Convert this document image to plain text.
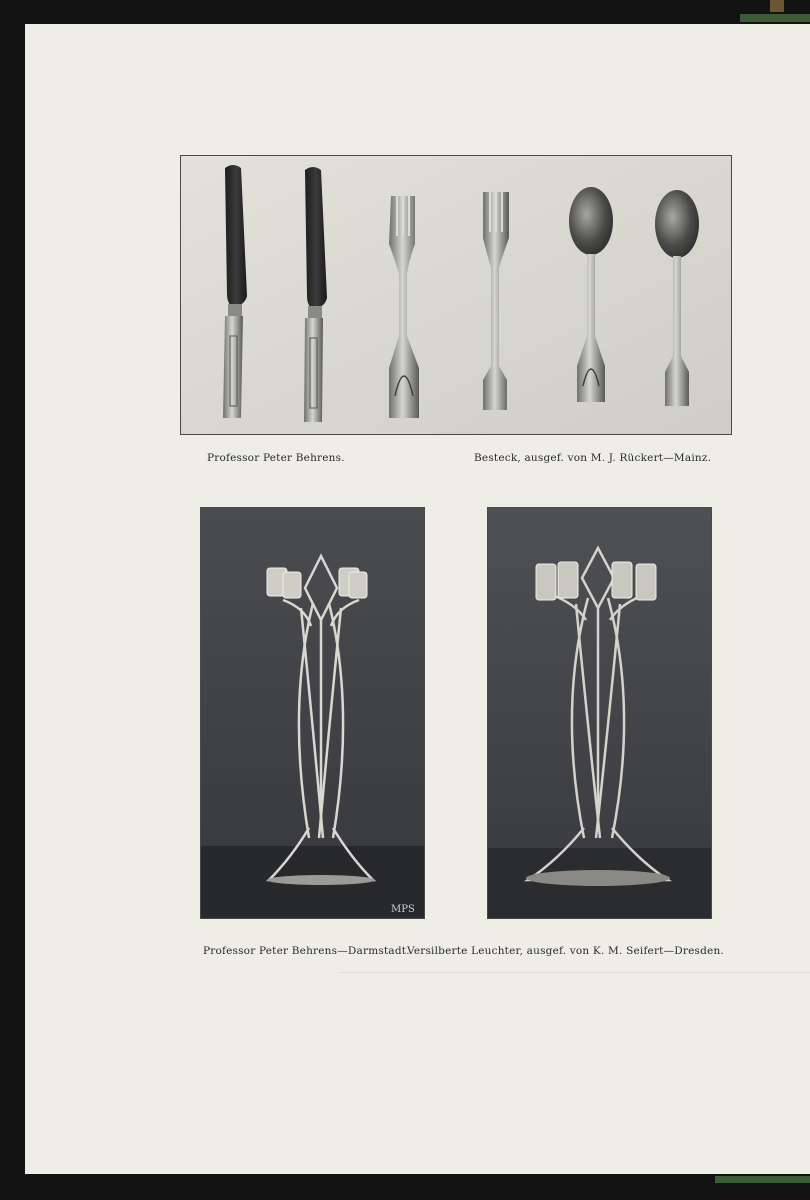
Professor Peter Behrens.	Besteck, ausgef. von M. J. Rückert—Mainz.
MPS
Professor Peter Behrens—Darmstadt.
Versilberte Leuchter, ausgef. von K. M. Seifert—Dresden.
